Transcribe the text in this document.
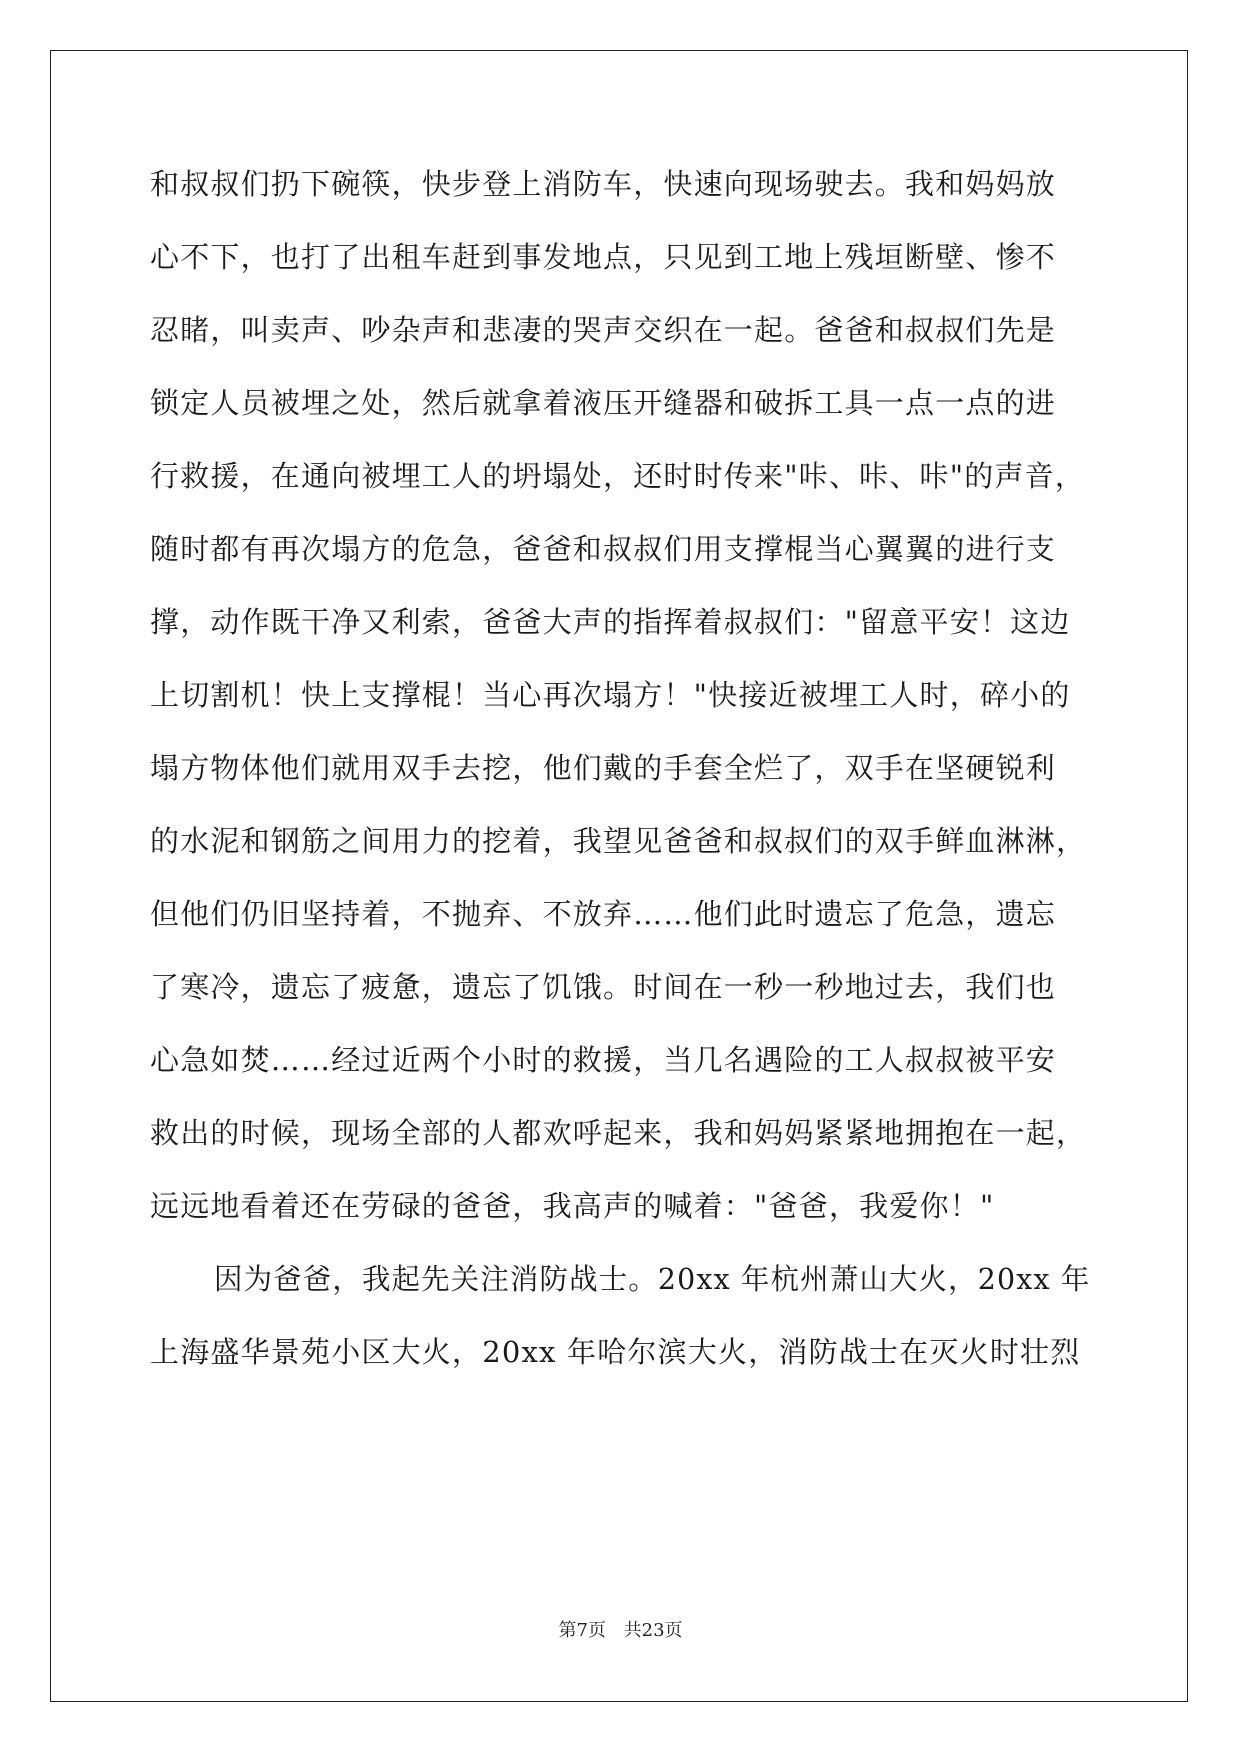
和叔叔们扔下碗筷，快步登上消防车，快速向现场驶去。我和妈妈放
心不下，也打了出租车赶到事发地点，只见到工地上残垣断壁、惨不
忍睹，叫卖声、吵杂声和悲凄的哭声交织在一起。爸爸和叔叔们先是
锁定人员被埋之处，然后就拿着液压开缝器和破拆工具一点一点的进
行救援，在通向被埋工人的坍塌处，还时时传来"咔、咔、咔"的声音，
随时都有再次塌方的危急，爸爸和叔叔们用支撑棍当心翼翼的进行支
撑，动作既干净又利索，爸爸大声的指挥着叔叔们："留意平安！这边
上切割机！快上支撑棍！当心再次塌方！"快接近被埋工人时，碎小的
塌方物体他们就用双手去挖，他们戴的手套全烂了，双手在坚硬锐利
的水泥和钢筋之间用力的挖着，我望见爸爸和叔叔们的双手鲜血淋淋，
但他们仍旧坚持着，不抛弃、不放弃……他们此时遗忘了危急，遗忘
了寒冷，遗忘了疲惫，遗忘了饥饿。时间在一秒一秒地过去，我们也
心急如焚……经过近两个小时的救援，当几名遇险的工人叔叔被平安
救出的时候，现场全部的人都欢呼起来，我和妈妈紧紧地拥抱在一起，
远远地看着还在劳碌的爸爸，我高声的喊着："爸爸，我爱你！"
因为爸爸，我起先关注消防战士。20xx 年杭州萧山大火，20xx 年
上海盛华景苑小区大火，20xx 年哈尔滨大火，消防战士在灭火时壮烈
第7页 共23页
